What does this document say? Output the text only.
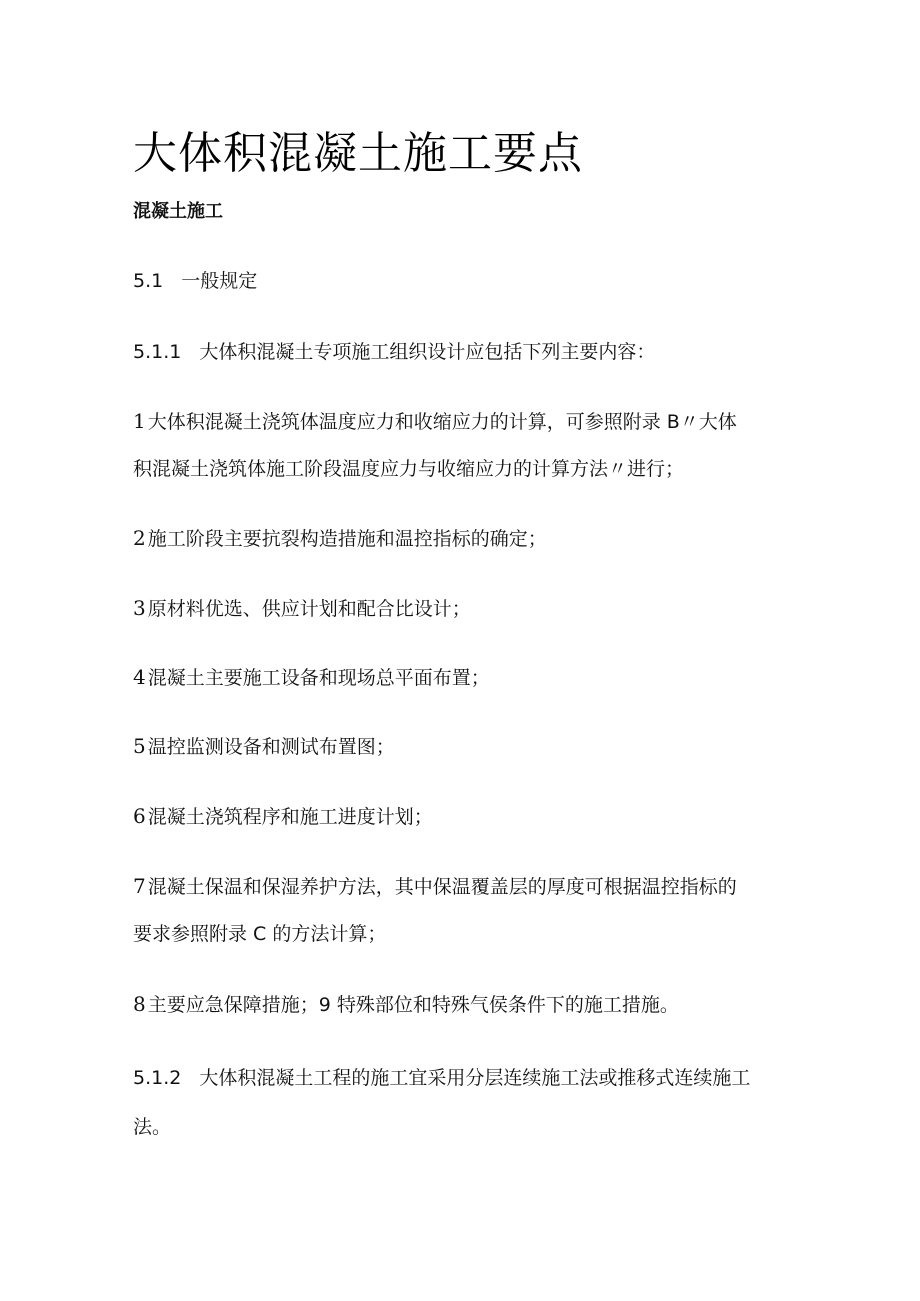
大体积混凝土施工要点
混凝土施工
5.1 一般规定
5.1.1 大体积混凝土专项施工组织设计应包括下列主要内容：
1 大体积混凝土浇筑体温度应力和收缩应力的计算，可参照附录 B〃大体
积混凝土浇筑体施工阶段温度应力与收缩应力的计算方法〃进行；
2 施工阶段主要抗裂构造措施和温控指标的确定；
3 原材料优选、供应计划和配合比设计；
4 混凝土主要施工设备和现场总平面布置；
5 温控监测设备和测试布置图；
6 混凝土浇筑程序和施工进度计划；
7 混凝土保温和保湿养护方法，其中保温覆盖层的厚度可根据温控指标的
要求参照附录 C 的方法计算；
8 主要应急保障措施；9 特殊部位和特殊气侯条件下的施工措施。
5.1.2 大体积混凝土工程的施工宜采用分层连续施工法或推移式连续施工
法。
